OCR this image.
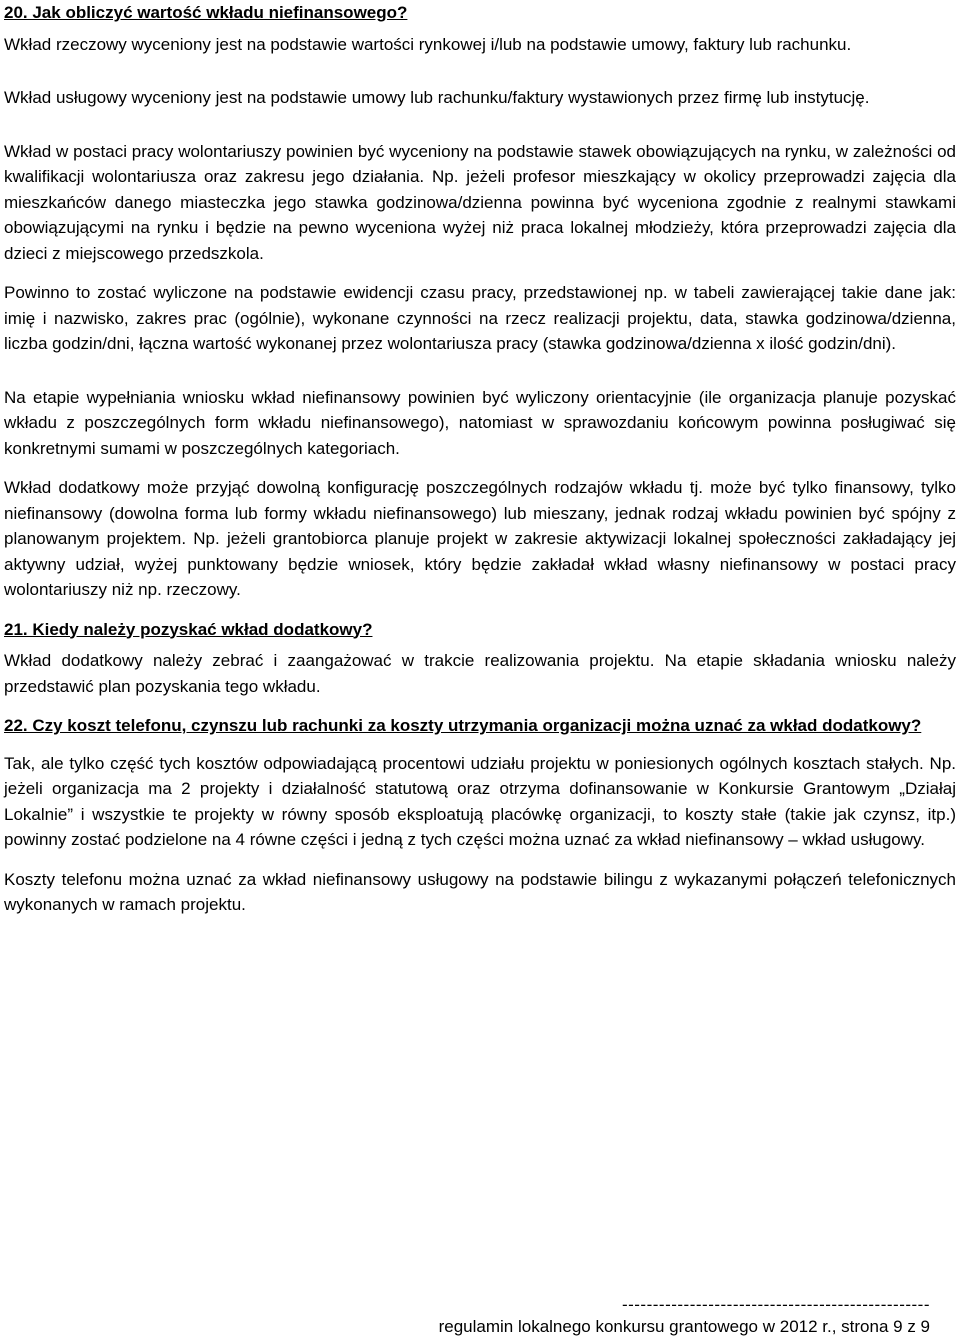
20. Jak obliczyć wartość wkładu niefinansowego?

Wkład rzeczowy wyceniony jest na podstawie wartości rynkowej i/lub na podstawie umowy, faktury lub rachunku.

Wkład usługowy wyceniony jest na podstawie umowy lub rachunku/faktury wystawionych przez firmę lub instytucję.

Wkład w postaci pracy wolontariuszy powinien być wyceniony na podstawie stawek obowiązujących na rynku, w zależności od kwalifikacji wolontariusza oraz zakresu jego działania. Np. jeżeli profesor mieszkający w okolicy przeprowadzi zajęcia dla mieszkańców danego miasteczka jego stawka godzinowa/dzienna powinna być wyceniona zgodnie z realnymi stawkami obowiązującymi na rynku i będzie na pewno wyceniona wyżej niż praca lokalnej młodzieży, która przeprowadzi zajęcia dla dzieci z miejscowego przedszkola.

Powinno to zostać wyliczone na podstawie ewidencji czasu pracy, przedstawionej np. w tabeli zawierającej takie dane jak: imię i nazwisko, zakres prac (ogólnie), wykonane czynności na rzecz realizacji projektu, data, stawka godzinowa/dzienna, liczba godzin/dni, łączna wartość wykonanej przez wolontariusza pracy (stawka godzinowa/dzienna x ilość godzin/dni).

Na etapie wypełniania wniosku wkład niefinansowy powinien być wyliczony orientacyjnie (ile organizacja planuje pozyskać wkładu z poszczególnych form wkładu niefinansowego), natomiast w sprawozdaniu końcowym powinna posługiwać się konkretnymi sumami w poszczególnych kategoriach.

Wkład dodatkowy może przyjąć dowolną konfigurację poszczególnych rodzajów wkładu tj. może być tylko finansowy, tylko niefinansowy (dowolna forma lub formy wkładu niefinansowego) lub mieszany, jednak rodzaj wkładu powinien być spójny z planowanym projektem. Np. jeżeli grantobiorca planuje projekt w zakresie aktywizacji lokalnej społeczności zakładający jej aktywny udział, wyżej punktowany będzie wniosek, który będzie zakładał wkład własny niefinansowy w postaci pracy wolontariuszy niż np. rzeczowy.

21. Kiedy należy pozyskać wkład dodatkowy?

Wkład dodatkowy należy zebrać i zaangażować w trakcie realizowania projektu. Na etapie składania wniosku należy przedstawić plan pozyskania tego wkładu.

22. Czy koszt telefonu, czynszu lub rachunki za koszty utrzymania organizacji można uznać za wkład dodatkowy?

Tak, ale tylko część tych kosztów odpowiadającą procentowi udziału projektu w poniesionych ogólnych kosztach stałych. Np. jeżeli organizacja ma 2 projekty i działalność statutową oraz otrzyma dofinansowanie w Konkursie Grantowym „Działaj Lokalnie” i wszystkie te projekty w równy sposób eksploatują placówkę organizacji, to koszty stałe (takie jak czynsz, itp.) powinny zostać podzielone na 4 równe części i jedną z tych części można uznać za wkład niefinansowy – wkład usługowy.

Koszty telefonu można uznać za wkład niefinansowy usługowy na podstawie bilingu z wykazanymi połączeń telefonicznych wykonanych w ramach projektu.

--------------------------------------------------
regulamin lokalnego konkursu grantowego w 2012 r., strona 9 z 9
